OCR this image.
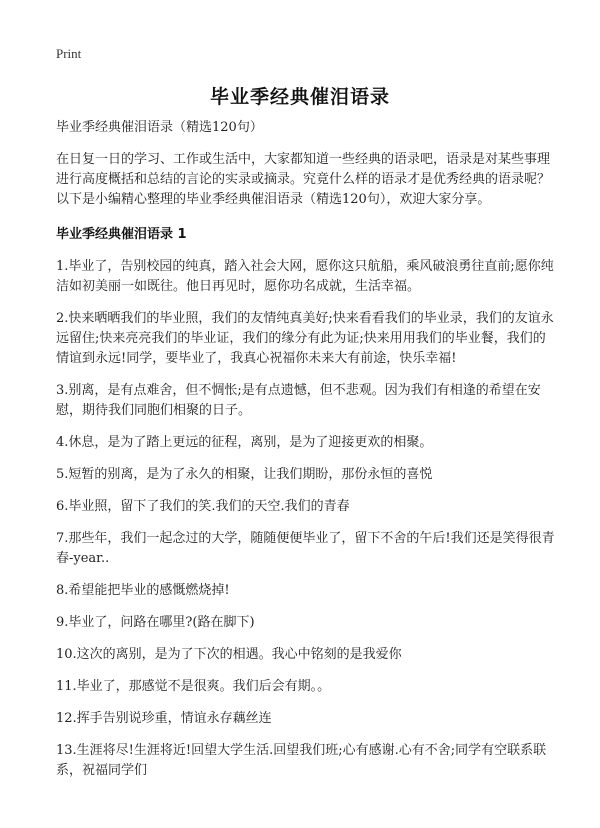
Print
毕业季经典催泪语录

毕业季经典催泪语录（精选120句）

在日复一日的学习、工作或生活中，大家都知道一些经典的语录吧，语录是对某些事理进行高度概括和总结的言论的实录或摘录。究竟什么样的语录才是优秀经典的语录呢？以下是小编精心整理的毕业季经典催泪语录（精选120句），欢迎大家分享。

毕业季经典催泪语录 1

1.毕业了，告别校园的纯真，踏入社会大网，愿你这只航船，乘风破浪勇往直前;愿你纯洁如初美丽一如既往。他日再见时，愿你功名成就，生活幸福。

2.快来晒晒我们的毕业照，我们的友情纯真美好;快来看看我们的毕业录，我们的友谊永远留住;快来亮亮我们的毕业证，我们的缘分有此为证;快来用用我们的毕业餐，我们的情谊到永远!同学，要毕业了，我真心祝福你未来大有前途，快乐幸福!

3.别离，是有点难舍，但不惆怅;是有点遗憾，但不悲观。因为我们有相逢的希望在安慰，期待我们同胞们相聚的日子。

4.休息，是为了踏上更远的征程，离别，是为了迎接更欢的相聚。

5.短暂的别离，是为了永久的相聚，让我们期盼，那份永恒的喜悦

6.毕业照，留下了我们的笑.我们的天空.我们的青春

7.那些年，我们一起念过的大学，随随便便毕业了，留下不舍的午后!我们还是笑得很青春-year..

8.希望能把毕业的感慨燃烧掉!

9.毕业了，问路在哪里?(路在脚下)

10.这次的离别，是为了下次的相遇。我心中铭刻的是我爱你

11.毕业了，那感觉不是很爽。我们后会有期。。

12.挥手告别说珍重，情谊永存藕丝连

13.生涯将尽!生涯将近!回望大学生活.回望我们班;心有感谢.心有不舍;同学有空联系联系，祝福同学们
